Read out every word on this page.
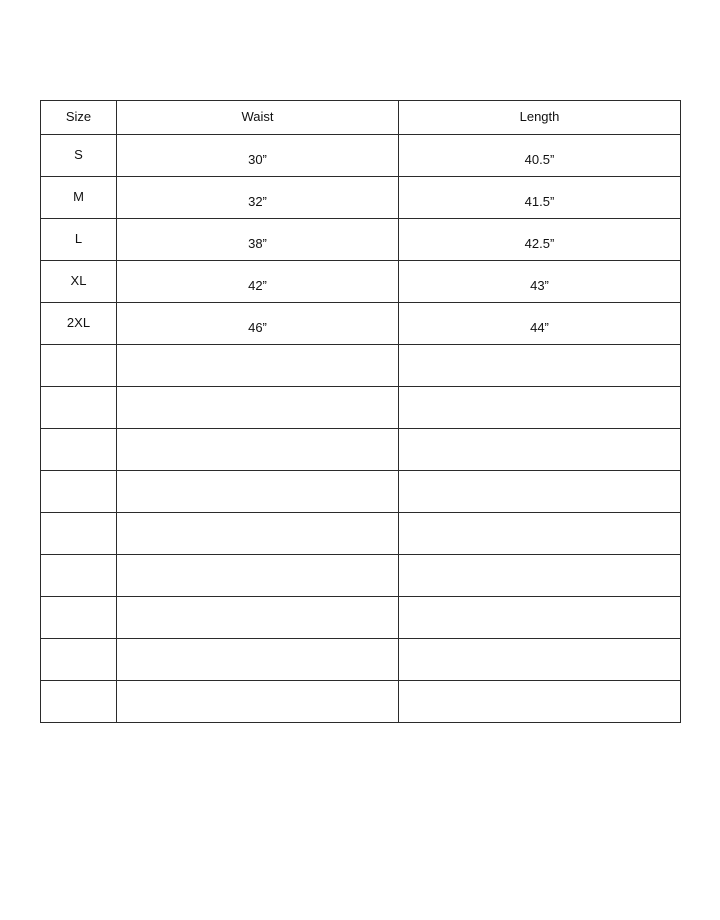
Size	Waist	Length

S	30”	40.5”

M	32”	41.5”

L	38”	42.5”

XL	42”	43”

2XL	46”	44”
